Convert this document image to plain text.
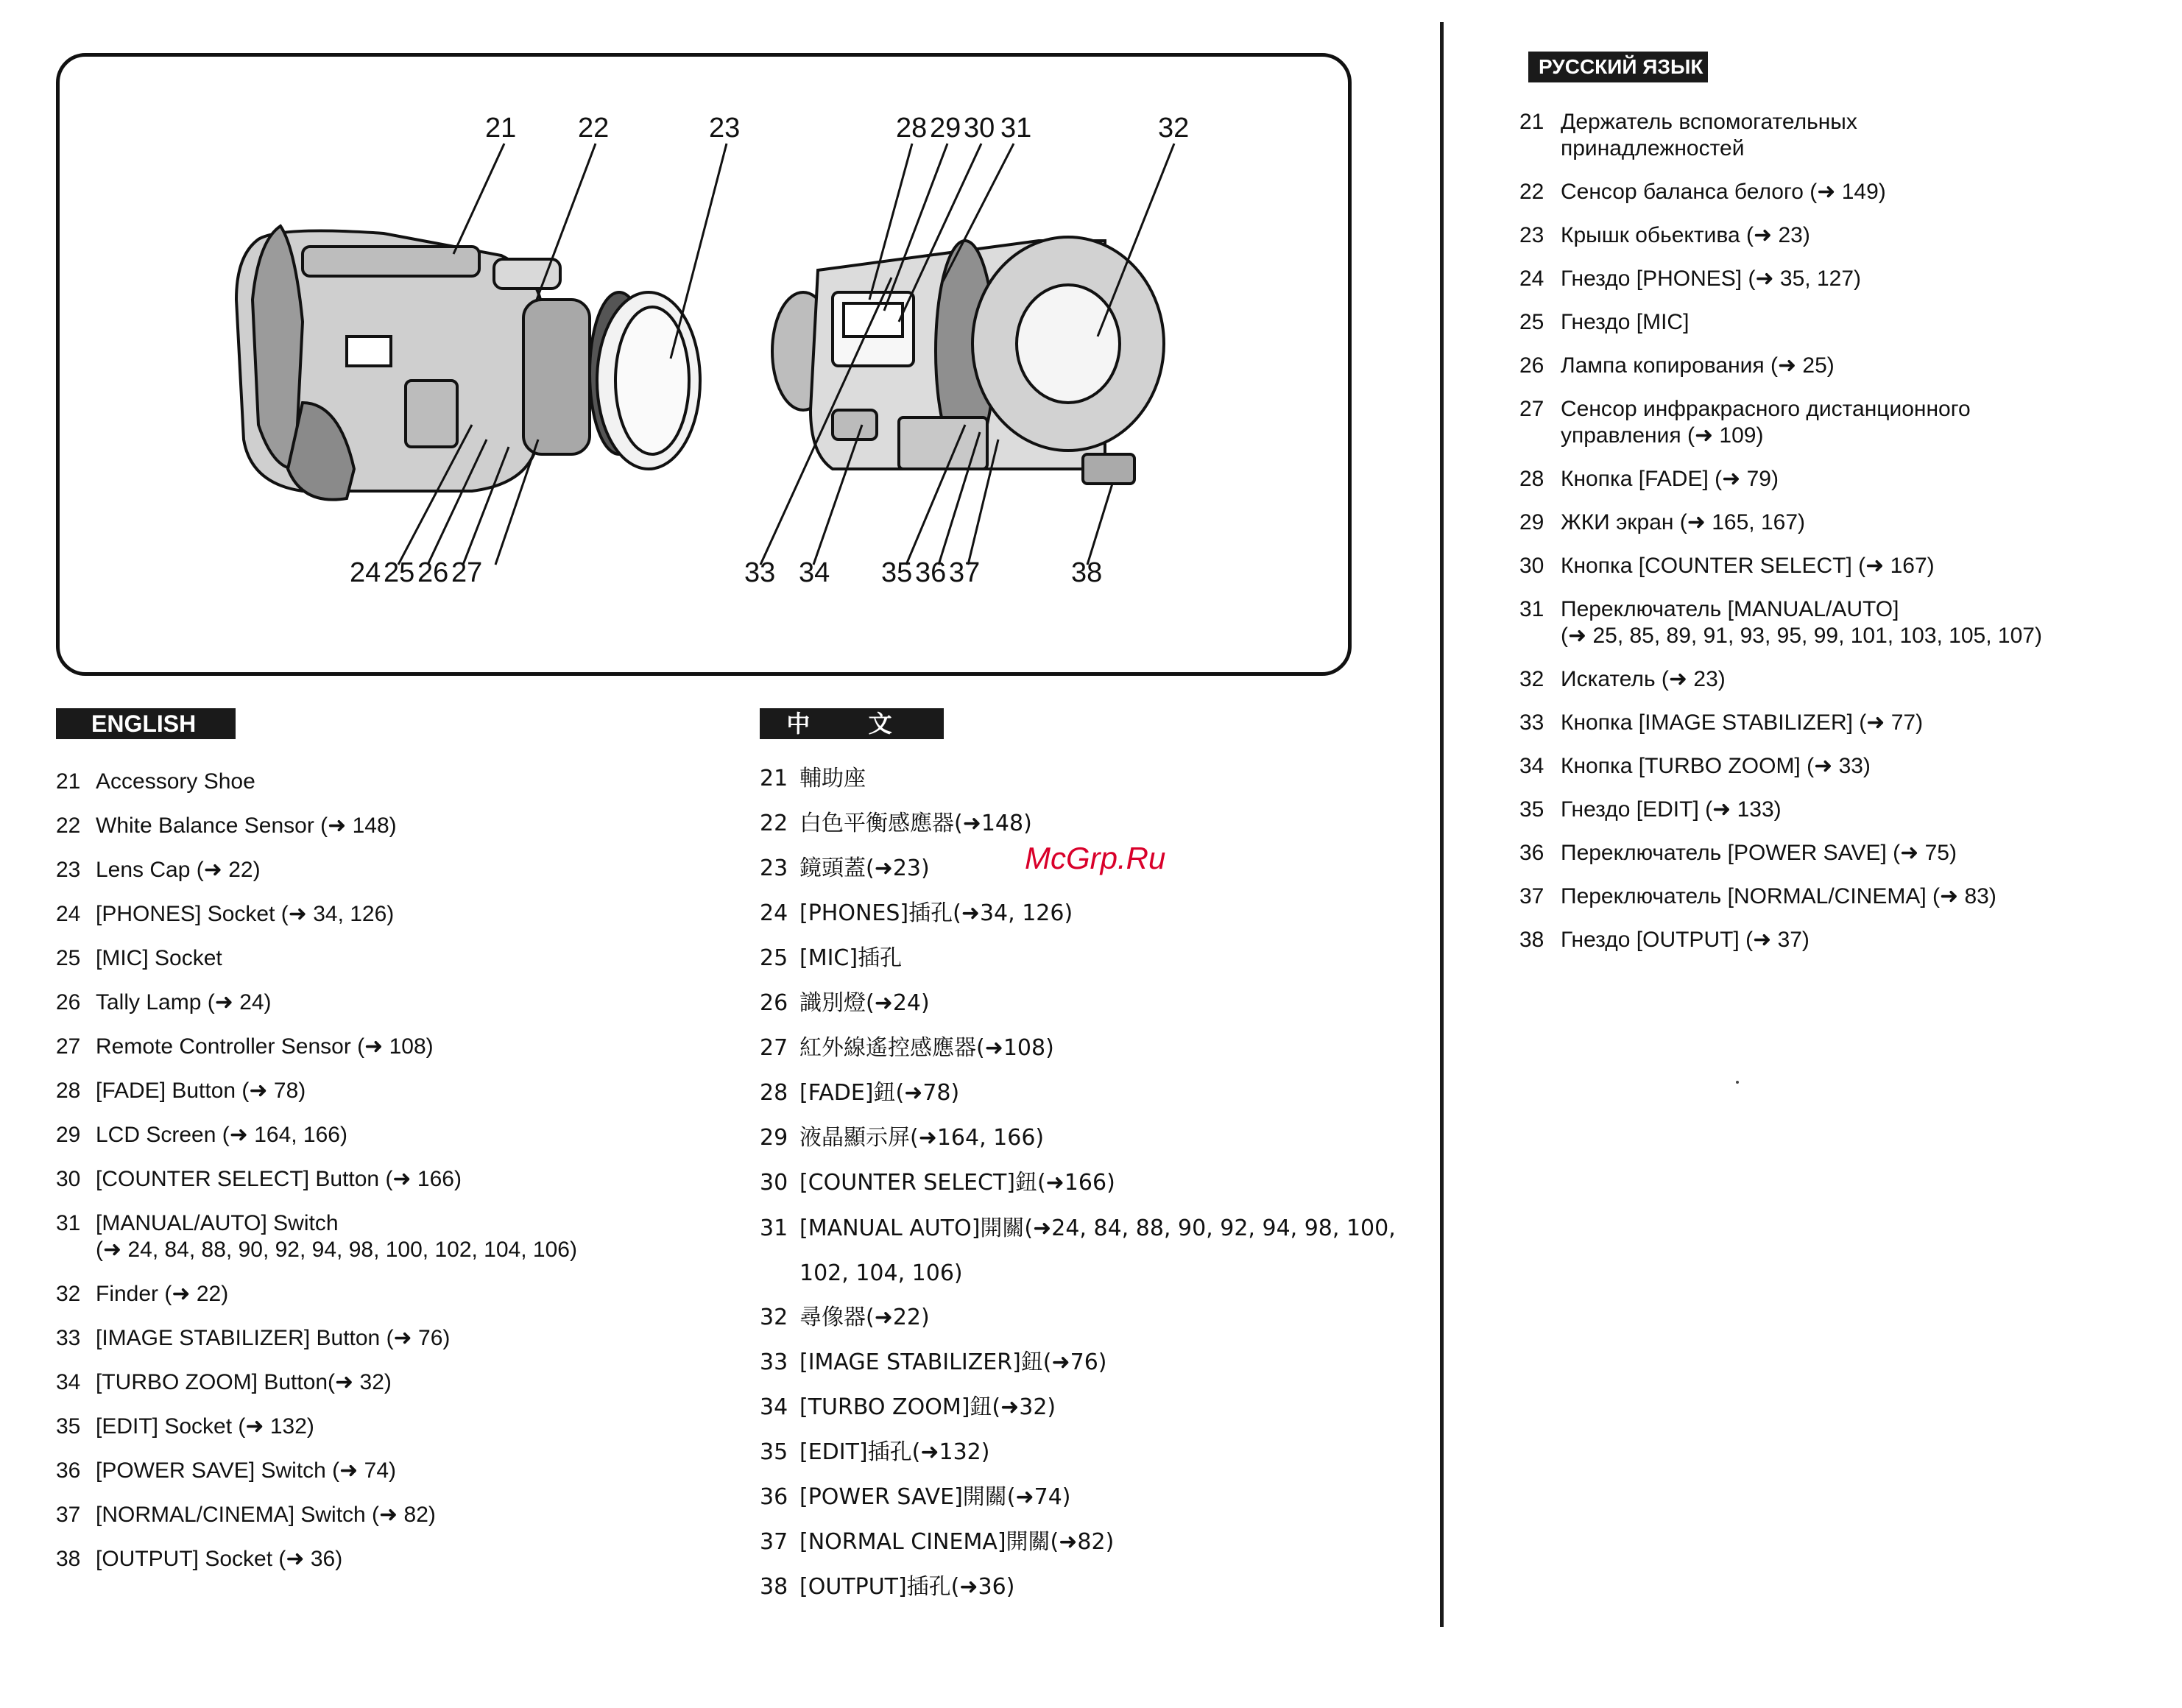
21 22	23	28 29 30 31	32
24 25 26 27	33 34 35 36 37	38
ENGLISH	中 文
РУССКИЙ ЯЗЫК
21 Accessory Shoe
22 White Balance Sensor (➜ 148)
23 Lens Cap (➜ 22)
24 [PHONES] Socket (➜ 34, 126)
25 [MIC] Socket
26 Tally Lamp (➜ 24)
27 Remote Controller Sensor (➜ 108)
28 [FADE] Button (➜ 78)
29 LCD Screen (➜ 164, 166)
30 [COUNTER SELECT] Button (➜ 166)
31 [MANUAL/AUTO] Switch
(➜ 24, 84, 88, 90, 92, 94, 98, 100, 102, 104, 106)
32 Finder (➜ 22)
33 [IMAGE STABILIZER] Button (➜ 76)
34 [TURBO ZOOM] Button(➜ 32)
35 [EDIT] Socket (➜ 132)
36 [POWER SAVE] Switch (➜ 74)
37 [NORMAL/CINEMA] Switch (➜ 82)
38 [OUTPUT] Socket (➜ 36)
21 輔助座
22 白色平衡感應器(➜148)
23 鏡頭蓋(➜23)
24 [PHONES]插孔(➜34, 126)
25 [MIC]插孔
26 識別燈(➜24)
27 紅外線遙控感應器(➜108)
28 [FADE]鈕(➜78)
29 液晶顯示屏(➜164, 166)
30 [COUNTER SELECT]鈕(➜166)
31 [MANUAL AUTO]開關(➜24, 84, 88, 90, 92, 94, 98, 100,
102, 104, 106)
32 尋像器(➜22)
33 [IMAGE STABILIZER]鈕(➜76)
34 [TURBO ZOOM]鈕(➜32)
35 [EDIT]插孔(➜132)
36 [POWER SAVE]開關(➜74)
37 [NORMAL CINEMA]開關(➜82)
38 [OUTPUT]插孔(➜36)
21 Держатель вспомогательных
принадлежностей
22 Сенсор баланса белого (➜ 149)
23 Крышк обьектива (➜ 23)
24 Гнездо [PHONES] (➜ 35, 127)
25 Гнездо [MIC]
26 Лампа копирования (➜ 25)
27 Сенсор инфракрасного дистанционного
управления (➜ 109)
28 Кнопка [FADE] (➜ 79)
29 ЖКИ экран (➜ 165, 167)
30 Кнопка [COUNTER SELECT] (➜ 167)
31 Переключатель [MANUAL/AUTO]
(➜ 25, 85, 89, 91, 93, 95, 99, 101, 103, 105, 107)
32 Искатель (➜ 23)
33 Кнопка [IMAGE STABILIZER] (➜ 77)
34 Кнопка [TURBO ZOOM] (➜ 33)
35 Гнездо [EDIT] (➜ 133)
36 Переключатель [POWER SAVE] (➜ 75)
37 Переключатель [NORMAL/CINEMA] (➜ 83)
38 Гнездо [OUTPUT] (➜ 37)
McGrp.Ru
